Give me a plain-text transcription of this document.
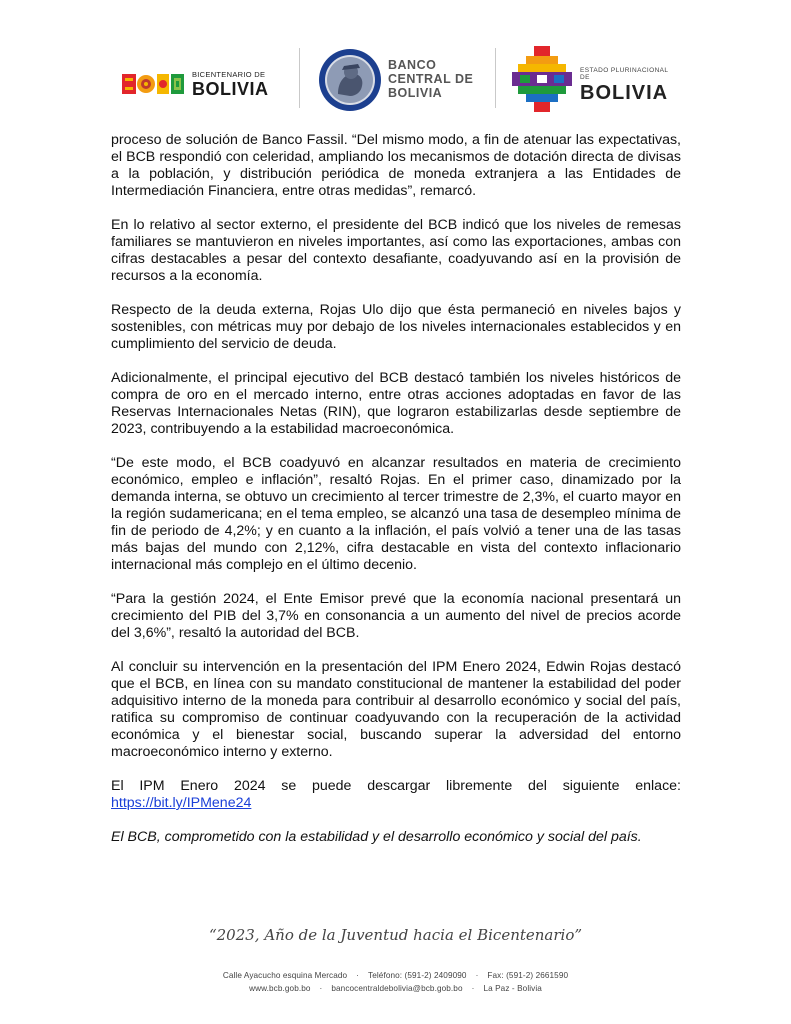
BICENTENARIO DE
BOLIVIA
BANCO
CENTRAL DE
BOLIVIA
ESTADO PLURINACIONAL DE
BOLIVIA

proceso de solución de Banco Fassil. “Del mismo modo, a fin de atenuar las expectativas, el BCB respondió con celeridad, ampliando los mecanismos de dotación directa de divisas a la población, y distribución periódica de moneda extranjera a las Entidades de Intermediación Financiera, entre otras medidas”, remarcó.

En lo relativo al sector externo, el presidente del BCB indicó que los niveles de remesas familiares se mantuvieron en niveles importantes, así como las exportaciones, ambas con cifras destacables a pesar del contexto desafiante, coadyuvando así en la provisión de recursos a la economía.

Respecto de la deuda externa, Rojas Ulo dijo que ésta permaneció en niveles bajos y sostenibles, con métricas muy por debajo de los niveles internacionales establecidos y en cumplimiento del servicio de deuda.

Adicionalmente, el principal ejecutivo del BCB destacó también los niveles históricos de compra de oro en el mercado interno, entre otras acciones adoptadas en favor de las Reservas Internacionales Netas (RIN), que lograron estabilizarlas desde septiembre de 2023, contribuyendo a la estabilidad macroeconómica.

“De este modo, el BCB coadyuvó en alcanzar resultados en materia de crecimiento económico, empleo e inflación”, resaltó Rojas. En el primer caso, dinamizado por la demanda interna, se obtuvo un crecimiento al tercer trimestre de 2,3%, el cuarto mayor en la región sudamericana; en el tema empleo, se alcanzó una tasa de desempleo mínima de fin de periodo de 4,2%; y en cuanto a la inflación, el país volvió a tener una de las tasas más bajas del mundo con 2,12%, cifra destacable en vista del contexto inflacionario internacional más complejo en el último decenio.

“Para la gestión 2024, el Ente Emisor prevé que la economía nacional presentará un crecimiento del PIB del 3,7% en consonancia a un aumento del nivel de precios acorde del 3,6%”, resaltó la autoridad del BCB.

Al concluir su intervención en la presentación del IPM Enero 2024, Edwin Rojas destacó que el BCB, en línea con su mandato constitucional de mantener la estabilidad del poder adquisitivo interno de la moneda para contribuir al desarrollo económico y social del país, ratifica su compromiso de continuar coadyuvando con la recuperación de la actividad económica y el bienestar social, buscando superar la adversidad del entorno macroeconómico interno y externo.

El IPM Enero 2024 se puede descargar libremente del siguiente enlace: https://bit.ly/IPMene24

El BCB, comprometido con la estabilidad y el desarrollo económico y social del país.

“2023, Año de la Juventud hacia el Bicentenario”
Calle Ayacucho esquina Mercado · Teléfono: (591-2) 2409090 · Fax: (591-2) 2661590
www.bcb.gob.bo · bancocentraldebolivia@bcb.gob.bo · La Paz - Bolivia
